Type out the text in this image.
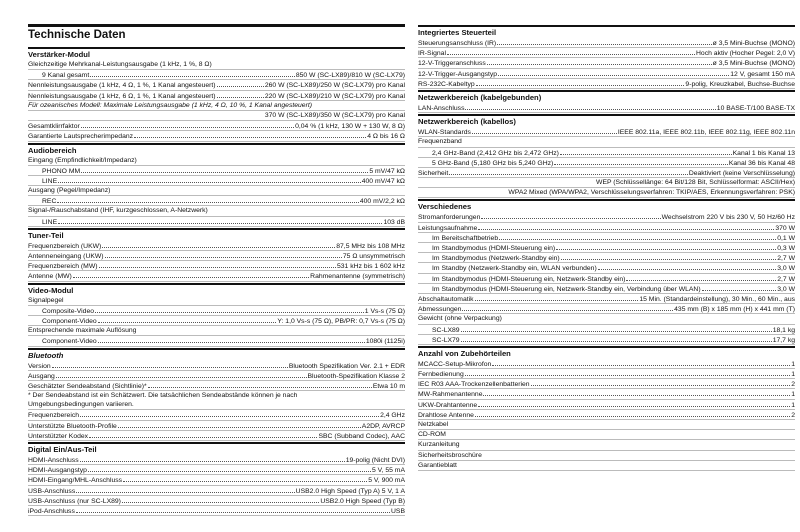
Technische Daten
Verstärker-Modul
Gleichzeitige Mehrkanal-Leistungsausgabe (1 kHz, 1 %, 8 Ω)
9 Kanal gesamt	850 W (SC-LX89)/810 W (SC-LX79)
Nennleistungsausgabe (1 kHz, 4 Ω, 1 %, 1 Kanal angesteuert)	260 W (SC-LX89)/250 W (SC-LX79) pro Kanal
Nennleistungsausgabe (1 kHz, 6 Ω, 1 %, 1 Kanal angesteuert)	220 W (SC-LX89)/210 W (SC-LX79) pro Kanal
Für ozeanisches Modell: Maximale Leistungsausgabe (1 kHz, 4 Ω, 10 %, 1 Kanal angesteuert)
370 W (SC-LX89)/350 W (SC-LX79) pro Kanal
Gesamtklirrfaktor	0,04 % (1 kHz, 130 W + 130 W, 8 Ω)
Garantierte Lautsprecherimpedanz	4 Ω bis 16 Ω
Audiobereich
Eingang (Empfindlichkeit/Impedanz)
PHONO MM	5 mV/47 kΩ
LINE	400 mV/47 kΩ
Ausgang (Pegel/Impedanz)
REC	400 mV/2,2 kΩ
Signal-/Rauschabstand (IHF, kurzgeschlossen, A-Netzwerk)
LINE	103 dB
Tuner-Teil
Frequenzbereich (UKW)	87,5 MHz bis 108 MHz
Antenneneingang (UKW)	75 Ω unsymmetrisch
Frequenzbereich (MW)	531 kHz bis 1 602 kHz
Antenne (MW)	Rahmenantenne (symmetrisch)
Video-Modul
Signalpegel
Composite-Video	1 Vs-s (75 Ω)
Component-Video	Y: 1,0 Vs-s (75 Ω), PB/PR: 0,7 Vs-s (75 Ω)
Entsprechende maximale Auflösung
Component-Video	1080i (1125i)
Bluetooth
Version	Bluetooth Spezifikation Ver. 2.1 + EDR
Ausgang	Bluetooth-Spezifikation Klasse 2
Geschätzter Sendeabstand (Sichtlinie)*	Etwa 10 m
* Der Sendeabstand ist ein Schätzwert. Die tatsächlichen Sendeabstände können je nach
Umgebungsbedingungen variieren.
Frequenzbereich	2,4 GHz
Unterstützte Bluetooth-Profile	A2DP, AVRCP
Unterstützter Kodex	SBC (Subband Codec), AAC
Digital Ein/Aus-Teil
HDMI-Anschluss	19-polig (Nicht DVI)
HDMI-Ausgangstyp	5 V, 55 mA
HDMI-Eingang/MHL-Anschluss	5 V, 900 mA
USB-Anschluss	USB2.0 High Speed (Typ A) 5 V, 1 A
USB-Anschluss (nur SC-LX89)	USB2.0 High Speed (Typ B)
iPod-Anschluss	USB
Integriertes Steuerteil
Steuerungsanschluss (IR)	ø 3,5 Mini-Buchse (MONO)
IR-Signal	Hoch aktiv (Hocher Pegel: 2,0 V)
12-V-Triggeranschluss	ø 3,5 Mini-Buchse (MONO)
12-V-Trigger-Ausgangstyp	12 V, gesamt 150 mA
RS-232C-Kabeltyp	9-polig, Kreuzkabel, Buchse-Buchse
Netzwerkbereich (kabelgebunden)
LAN-Anschluss	10 BASE-T/100 BASE-TX
Netzwerkbereich (kabellos)
WLAN-Standards	IEEE 802.11a, IEEE 802.11b, IEEE 802.11g, IEEE 802.11n
Frequenzband
2,4 GHz-Band (2,412 GHz bis 2,472 GHz)	Kanal 1 bis Kanal 13
5 GHz-Band (5,180 GHz bis 5,240 GHz)	Kanal 36 bis Kanal 48
Sicherheit	Deaktiviert (keine Verschlüsselung)
WEP (Schlüssellänge: 64 Bit/128 Bit, Schlüsselformat: ASCII/Hex)
WPA2 Mixed (WPA/WPA2, Verschlüsselungsverfahren: TKIP/AES, Erkennungsverfahren: PSK)
Verschiedenes
Stromanforderungen	Wechselstrom 220 V bis 230 V, 50 Hz/60 Hz
Leistungsaufnahme	370 W
Im Bereitschaftbetrieb	0,1 W
Im Standbymodus (HDMI-Steuerung ein)	0,3 W
Im Standbymodus (Netzwerk-Standby ein)	2,7 W
Im Standby (Netzwerk-Standby ein, WLAN verbunden)	3,0 W
Im Standbymodus (HDMI-Steuerung ein, Netzwerk-Standby ein)	2,7 W
Im Standbymodus (HDMI-Steuerung ein, Netzwerk-Standby ein, Verbindung über WLAN)	3,0 W
Abschaltautomatik	15 Min. (Standardeinstellung), 30 Min., 60 Min., aus
Abmessungen	435 mm (B) x 185 mm (H) x 441 mm (T)
Gewicht (ohne Verpackung)
SC-LX89	18,1 kg
SC-LX79	17,7 kg
Anzahl von Zubehörteilen
MCACC-Setup-Mikrofon	1
Fernbedienung	1
IEC R03 AAA-Trockenzellenbatterien	2
MW-Rahmenantenne	1
UKW-Drahtantenne	1
Drahtlose Antenne	2
Netzkabel
CD-ROM
Kurzanleitung
Sicherheitsbroschüre
Garantieblatt
